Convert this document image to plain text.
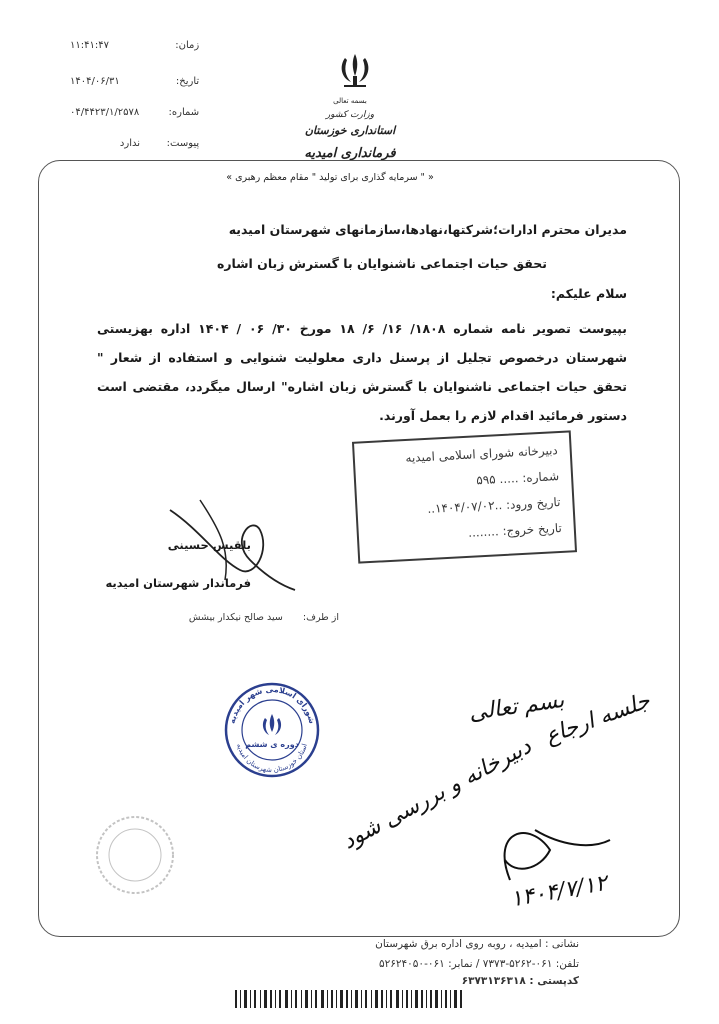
زمان: ۱۱:۴۱:۴۷
تاریخ: ۱۴۰۴/۰۶/۳۱
شماره: ۰۴/۴۴۲۳/۱/۲۵۷۸
پیوست: ندارد
بسمه تعالی
وزارت کشور
استانداری خوزستان
فرمانداری امیدیه
« " سرمایه گذاری برای تولید " مقام معظم رهبری »
مدیران محترم ادارات؛شرکتها،نهادها،سازمانهای شهرستان امیدیه
تحقق حیات اجتماعی ناشنوایان با گسترش زبان اشاره
سلام علیکم:
بپیوست تصویر نامه شماره ۱۸۰۸/ ۱۶/ ۶/ ۱۸ مورخ ۳۰/ ۰۶ / ۱۴۰۴ اداره بهزیستی شهرستان درخصوص تجلیل از پرسنل داری معلولیت شنوایی و استفاده از شعار " تحقق حیات اجتماعی ناشنوایان با گسترش زبان اشاره" ارسال میگردد، مقتضی است دستور فرمائید اقدام لازم را بعمل آورند.
دبیرخانه شورای اسلامی امیدیه
شماره: ..... ۵۹۵
تاریخ ورود: ..۱۴۰۴/۰۷/۰۲..
تاریخ خروج: ........
بلقیس حسینی
فرماندار شهرستان امیدیه
از طرف:  سید صالح نیکدار بیشش
شورای اسلامی شهر امیدیه
استان خوزستان شهرستان امیدیه
دوره ی ششم
بسم تعالی
جلسه ارجاع
دبیرخانه و بررسی شود
۱۴۰۴/۷/۱۲
نشانی : امیدیه ، روبه روی اداره برق شهرستان
تلفن: ۰۶۱-۵۲۶۲-۷۳۷۳ / نمابر: ۰۶۱-۵۲۶۲۴۰۵۰
کدپستی : ۶۳۷۳۱۳۶۳۱۸
